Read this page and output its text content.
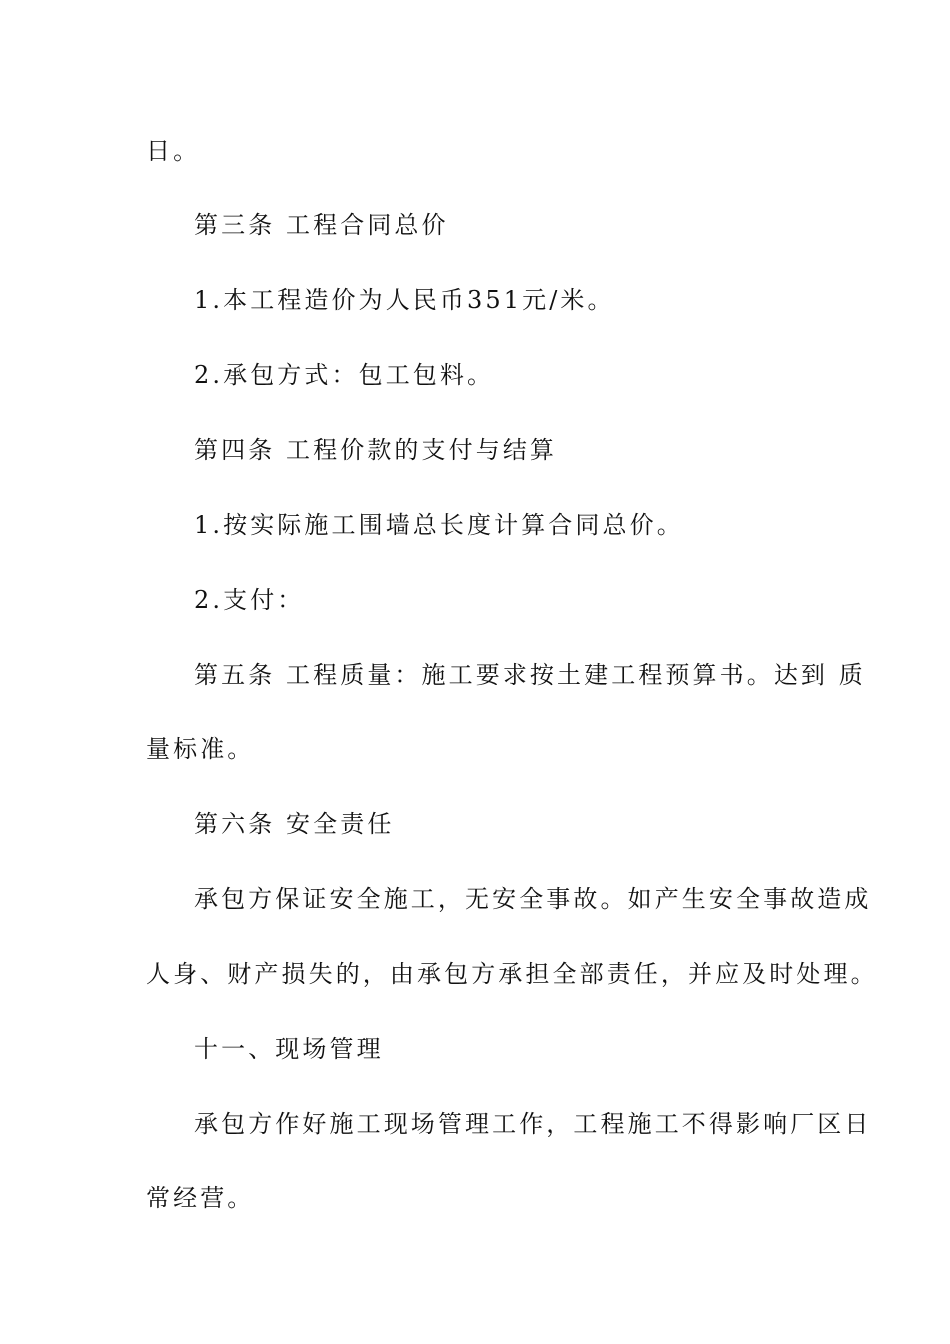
日。
第三条 工程合同总价
1.本工程造价为人民币351元/米。
2.承包方式：包工包料。
第四条 工程价款的支付与结算
1.按实际施工围墙总长度计算合同总价。
2.支付：
第五条 工程质量：施工要求按土建工程预算书。达到 质
量标准。
第六条 安全责任
承包方保证安全施工，无安全事故。如产生安全事故造成
人身、财产损失的，由承包方承担全部责任，并应及时处理。
十一、现场管理
承包方作好施工现场管理工作，工程施工不得影响厂区日
常经营。
